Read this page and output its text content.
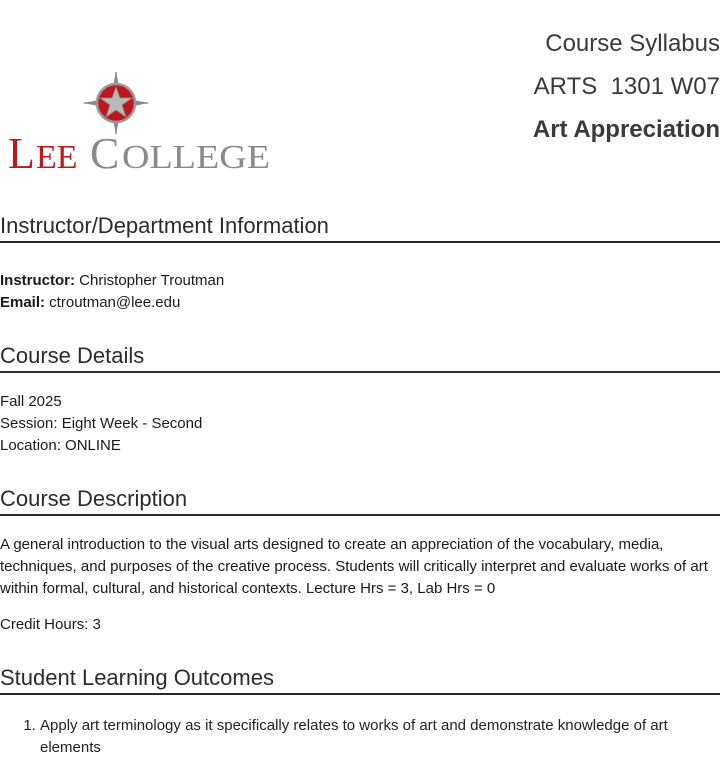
L EE C OLLEGE

Course Syllabus

ARTS  1301 W07

Art Appreciation

Instructor/Department Information
Instructor: Christopher Troutman
Email: ctroutman@lee.edu
Course Details
Fall 2025
Session: Eight Week - Second
Location: ONLINE
Course Description

A general introduction to the visual arts designed to create an appreciation of the vocabulary, media, techniques, and purposes of the creative process. Students will critically interpret and evaluate works of art within formal, cultural, and historical contexts. Lecture Hrs = 3, Lab Hrs = 0

Credit Hours: 3

Student Learning Outcomes
1. Apply art terminology as it specifically relates to works of art and demonstrate knowledge of art elements
